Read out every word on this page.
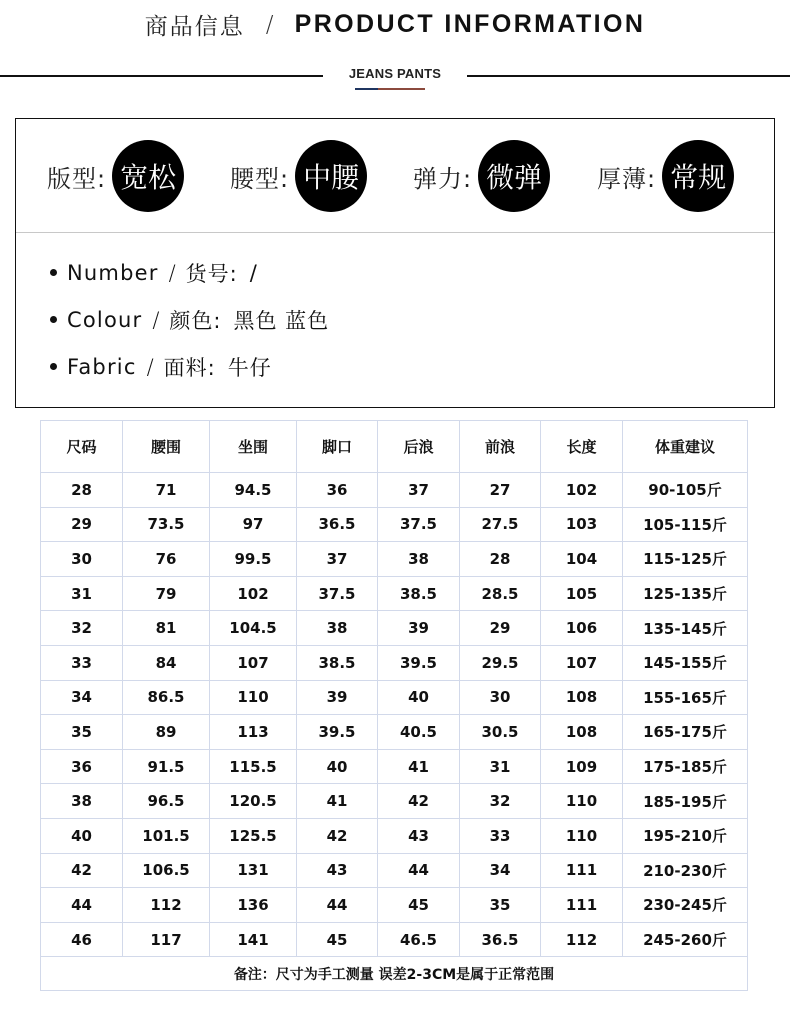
商品信息 / PRODUCT INFORMATION
JEANS PANTS
版型: 宽松	腰型: 中腰	弹力: 微弹	厚薄: 常规
Number / 货号: /
Colour / 颜色: 黑色 蓝色
Fabric / 面料: 牛仔
尺码	腰围	坐围	脚口	后浪	前浪	长度	体重建议
28	71	94.5	36	37	27	102	90-105斤
29	73.5	97	36.5	37.5	27.5	103	105-115斤
30	76	99.5	37	38	28	104	115-125斤
31	79	102	37.5	38.5	28.5	105	125-135斤
32	81	104.5	38	39	29	106	135-145斤
33	84	107	38.5	39.5	29.5	107	145-155斤
34	86.5	110	39	40	30	108	155-165斤
35	89	113	39.5	40.5	30.5	108	165-175斤
36	91.5	115.5	40	41	31	109	175-185斤
38	96.5	120.5	41	42	32	110	185-195斤
40	101.5	125.5	42	43	33	110	195-210斤
42	106.5	131	43	44	34	111	210-230斤
44	112	136	44	45	35	111	230-245斤
46	117	141	45	46.5	36.5	112	245-260斤
备注：尺寸为手工测量 误差2-3CM是属于正常范围							
